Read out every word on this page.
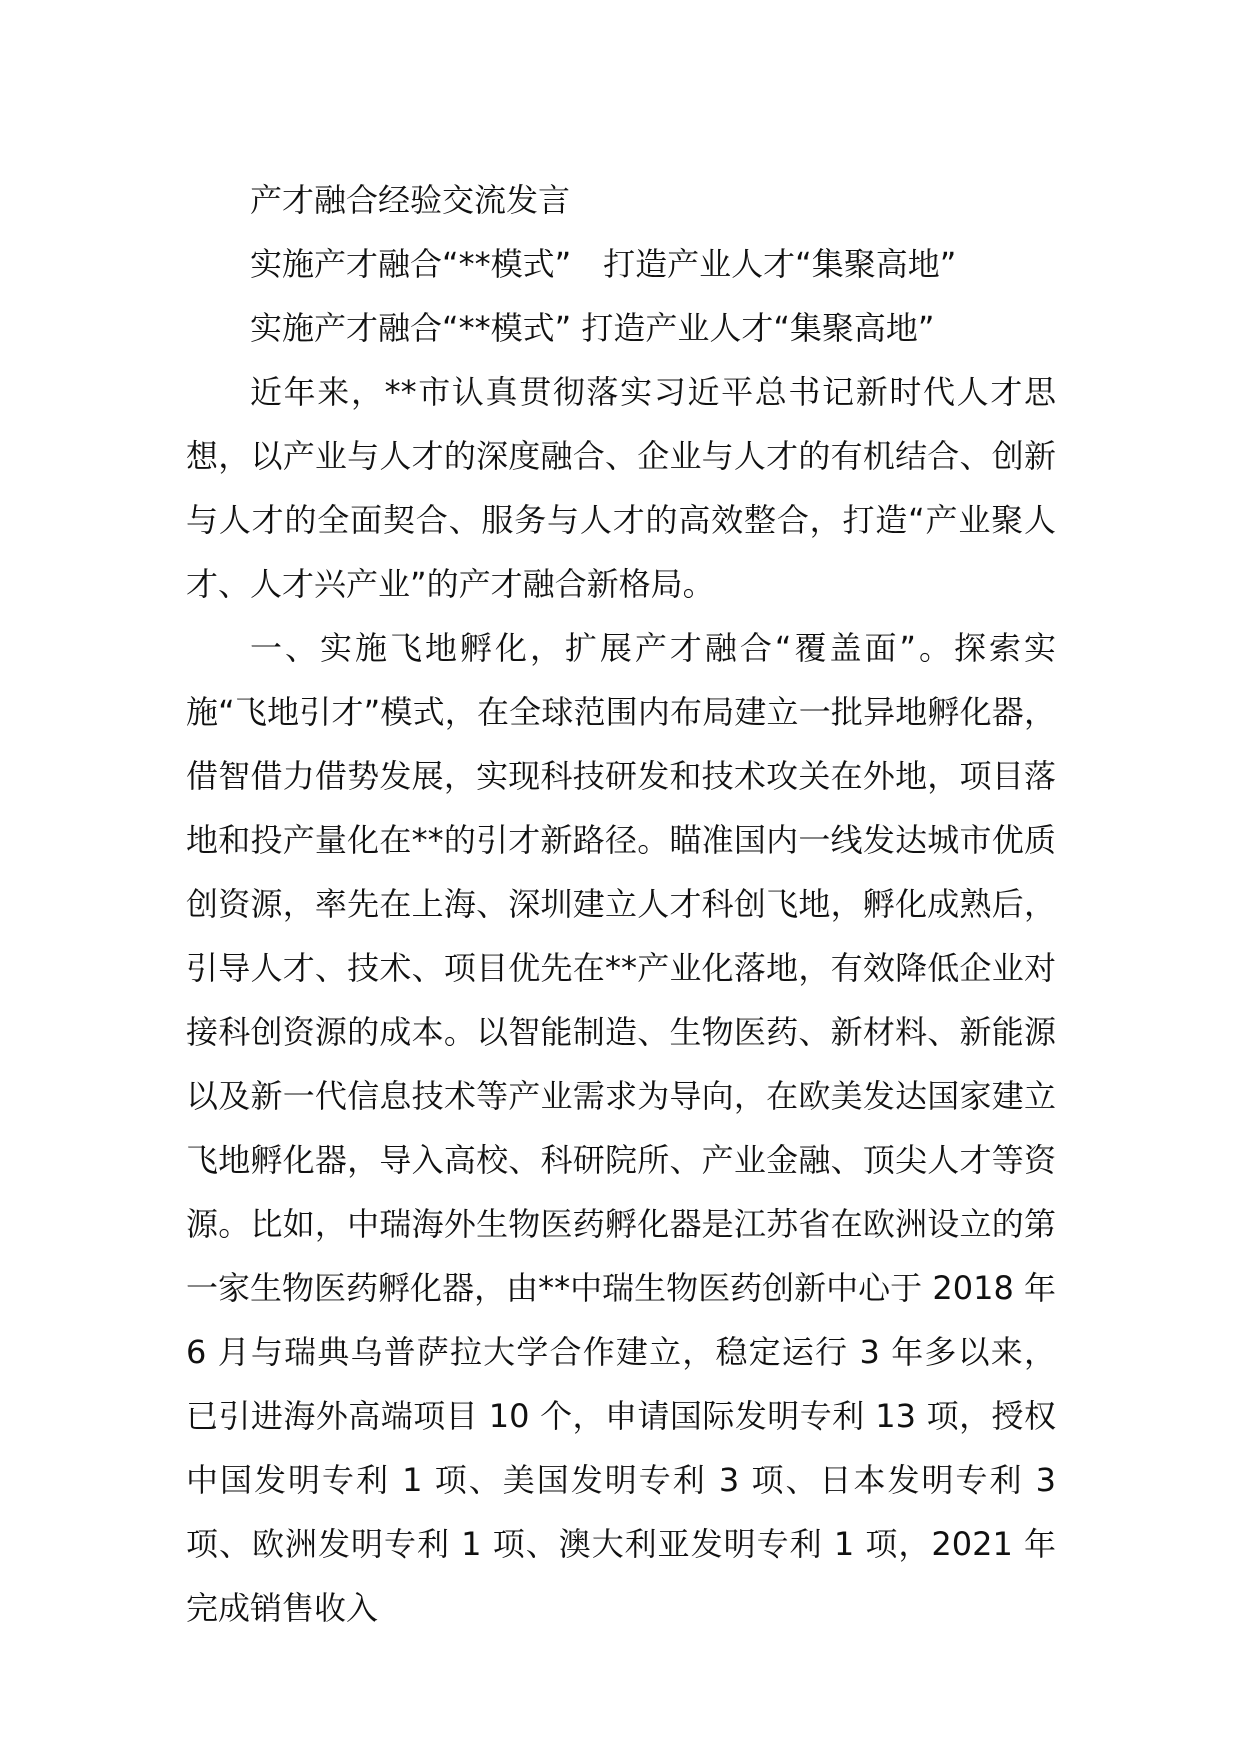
产才融合经验交流发言

实施产才融合“**模式”　打造产业人才“集聚高地”

实施产才融合“**模式” 打造产业人才“集聚高地”

近年来，**市认真贯彻落实习近平总书记新时代人才思想，以产业与人才的深度融合、企业与人才的有机结合、创新与人才的全面契合、服务与人才的高效整合，打造“产业聚人才、人才兴产业”的产才融合新格局。

一、实施飞地孵化，扩展产才融合“覆盖面”。探索实施“飞地引才”模式，在全球范围内布局建立一批异地孵化器，借智借力借势发展，实现科技研发和技术攻关在外地，项目落地和投产量化在**的引才新路径。瞄准国内一线发达城市优质创资源，率先在上海、深圳建立人才科创飞地，孵化成熟后，引导人才、技术、项目优先在**产业化落地，有效降低企业对接科创资源的成本。以智能制造、生物医药、新材料、新能源以及新一代信息技术等产业需求为导向，在欧美发达国家建立飞地孵化器，导入高校、科研院所、产业金融、顶尖人才等资源。比如，中瑞海外生物医药孵化器是江苏省在欧洲设立的第一家生物医药孵化器，由**中瑞生物医药创新中心于 2018 年 6 月与瑞典乌普萨拉大学合作建立，稳定运行 3 年多以来，已引进海外高端项目 10 个，申请国际发明专利 13 项，授权中国发明专利 1 项、美国发明专利 3 项、日本发明专利 3 项、欧洲发明专利 1 项、澳大利亚发明专利 1 项，2021 年完成销售收入
